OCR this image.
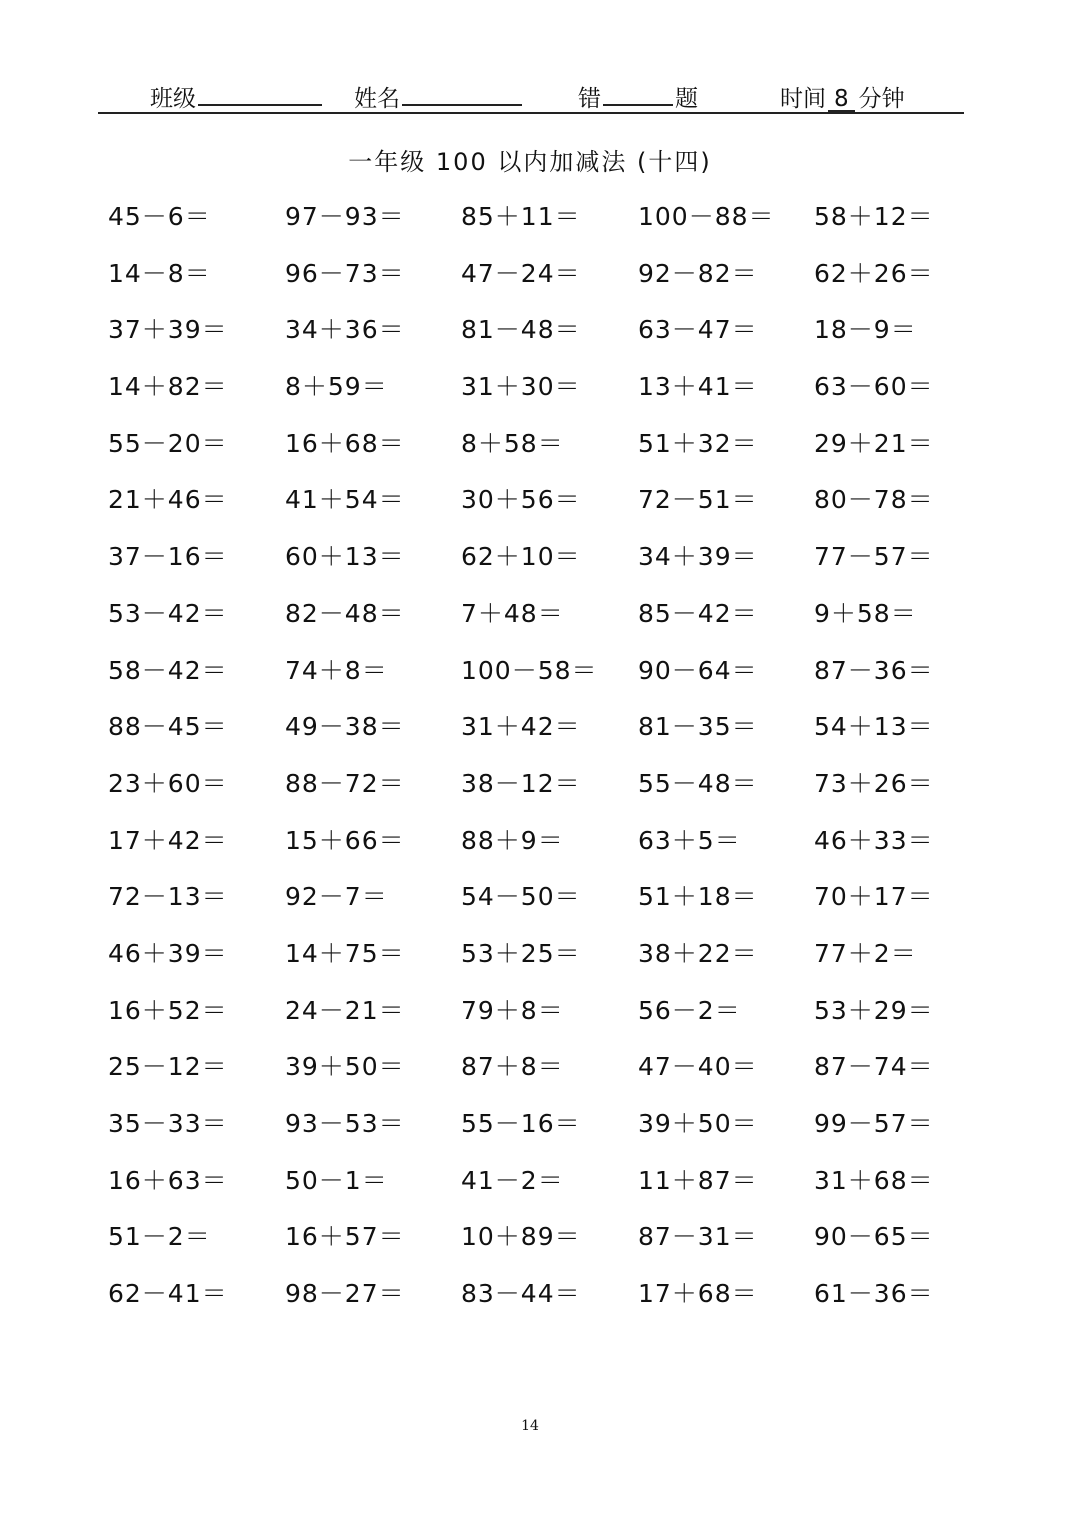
班级	姓名	错	题	时间 8 分钟
一年级 100 以内加减法 (十四)
45－6＝	97－93＝	85＋11＝	100－88＝	58＋12＝
14－8＝	96－73＝	47－24＝	92－82＝	62＋26＝
37＋39＝	34＋36＝	81－48＝	63－47＝	18－9＝
14＋82＝	8＋59＝	31＋30＝	13＋41＝	63－60＝
55－20＝	16＋68＝	8＋58＝	51＋32＝	29＋21＝
21＋46＝	41＋54＝	30＋56＝	72－51＝	80－78＝
37－16＝	60＋13＝	62＋10＝	34＋39＝	77－57＝
53－42＝	82－48＝	7＋48＝	85－42＝	9＋58＝
58－42＝	74＋8＝	100－58＝	90－64＝	87－36＝
88－45＝	49－38＝	31＋42＝	81－35＝	54＋13＝
23＋60＝	88－72＝	38－12＝	55－48＝	73＋26＝
17＋42＝	15＋66＝	88＋9＝	63＋5＝	46＋33＝
72－13＝	92－7＝	54－50＝	51＋18＝	70＋17＝
46＋39＝	14＋75＝	53＋25＝	38＋22＝	77＋2＝
16＋52＝	24－21＝	79＋8＝	56－2＝	53＋29＝
25－12＝	39＋50＝	87＋8＝	47－40＝	87－74＝
35－33＝	93－53＝	55－16＝	39＋50＝	99－57＝
16＋63＝	50－1＝	41－2＝	11＋87＝	31＋68＝
51－2＝	16＋57＝	10＋89＝	87－31＝	90－65＝
62－41＝	98－27＝	83－44＝	17＋68＝	61－36＝
14
